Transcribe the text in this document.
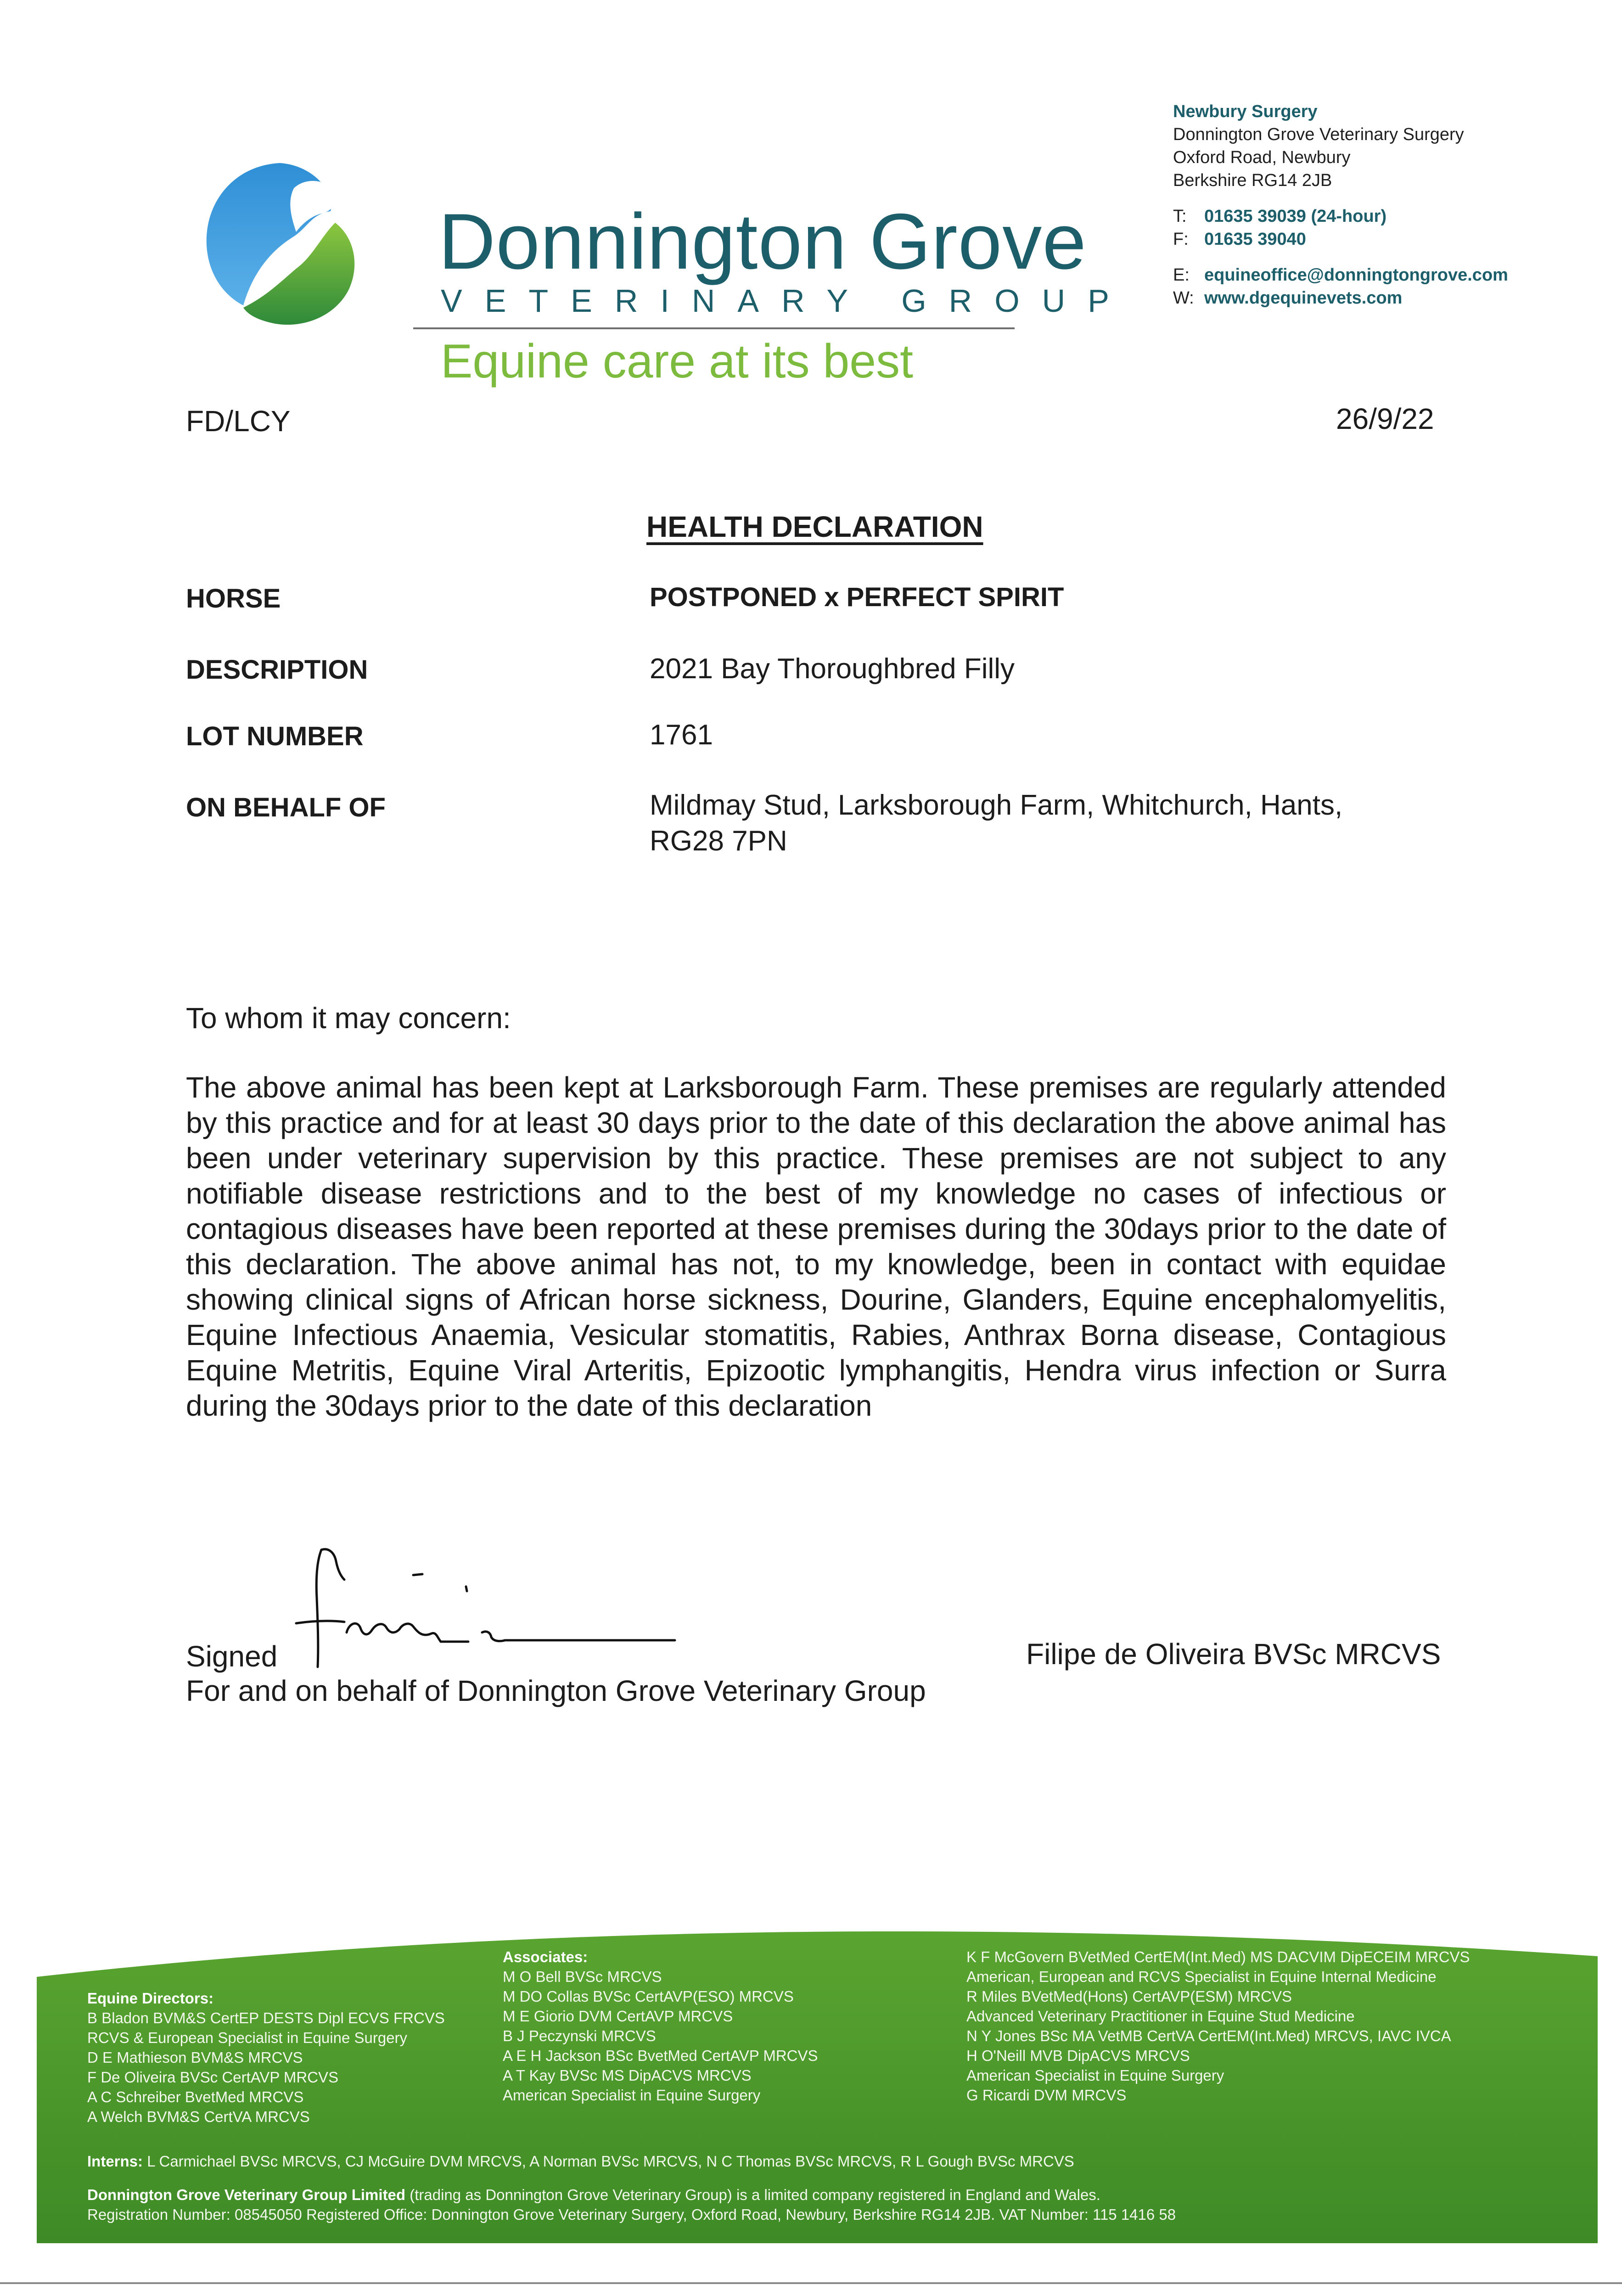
Donnington Grove
VETERINARY GROUP
Equine care at its best
Newbury Surgery
Donnington Grove Veterinary Surgery
Oxford Road, Newbury
Berkshire RG14 2JB
T: 01635 39039 (24-hour)
F: 01635 39040
E: equineoffice@donningtongrove.com
W: www.dgequinevets.com
FD/LCY	26/9/22
HEALTH DECLARATION
HORSE	POSTPONED x PERFECT SPIRIT
DESCRIPTION	2021 Bay Thoroughbred Filly
LOT NUMBER	1761
ON BEHALF OF	Mildmay Stud, Larksborough Farm, Whitchurch, Hants,
RG28 7PN
To whom it may concern:
The above animal has been kept at Larksborough Farm. These premises are regularly attended by this practice and for at least 30 days prior to the date of this declaration the above animal has been under veterinary supervision by this practice. These premises are not subject to any notifiable disease restrictions and to the best of my knowledge no cases of infectious or contagious diseases have been reported at these premises during the 30days prior to the date of this declaration. The above animal has not, to my knowledge, been in contact with equidae showing clinical signs of African horse sickness, Dourine, Glanders, Equine encephalomyelitis, Equine Infectious Anaemia, Vesicular stomatitis, Rabies, Anthrax Borna disease, Contagious Equine Metritis, Equine Viral Arteritis, Epizootic lymphangitis, Hendra virus infection or Surra during the 30days prior to the date of this declaration
Signed	Filipe de Oliveira BVSc MRCVS
For and on behalf of Donnington Grove Veterinary Group
Equine Directors:
B Bladon BVM&S CertEP DESTS Dipl ECVS FRCVS
RCVS & European Specialist in Equine Surgery
D E Mathieson BVM&S MRCVS
F De Oliveira BVSc CertAVP MRCVS
A C Schreiber BvetMed MRCVS
A Welch BVM&S CertVA MRCVS
Associates:
M O Bell BVSc MRCVS
M DO Collas BVSc CertAVP(ESO) MRCVS
M E Giorio DVM CertAVP MRCVS
B J Peczynski MRCVS
A E H Jackson BSc BvetMed CertAVP MRCVS
A T Kay BVSc MS DipACVS MRCVS
American Specialist in Equine Surgery
K F McGovern BVetMed CertEM(Int.Med) MS DACVIM DipECEIM MRCVS
American, European and RCVS Specialist in Equine Internal Medicine
R Miles BVetMed(Hons) CertAVP(ESM) MRCVS
Advanced Veterinary Practitioner in Equine Stud Medicine
N Y Jones BSc MA VetMB CertVA CertEM(Int.Med) MRCVS, IAVC IVCA
H O'Neill MVB DipACVS MRCVS
American Specialist in Equine Surgery
G Ricardi DVM MRCVS
Interns: L Carmichael BVSc MRCVS, CJ McGuire DVM MRCVS, A Norman BVSc MRCVS, N C Thomas BVSc MRCVS, R L Gough BVSc MRCVS
Donnington Grove Veterinary Group Limited (trading as Donnington Grove Veterinary Group) is a limited company registered in England and Wales.
Registration Number: 08545050 Registered Office: Donnington Grove Veterinary Surgery, Oxford Road, Newbury, Berkshire RG14 2JB. VAT Number: 115 1416 58
